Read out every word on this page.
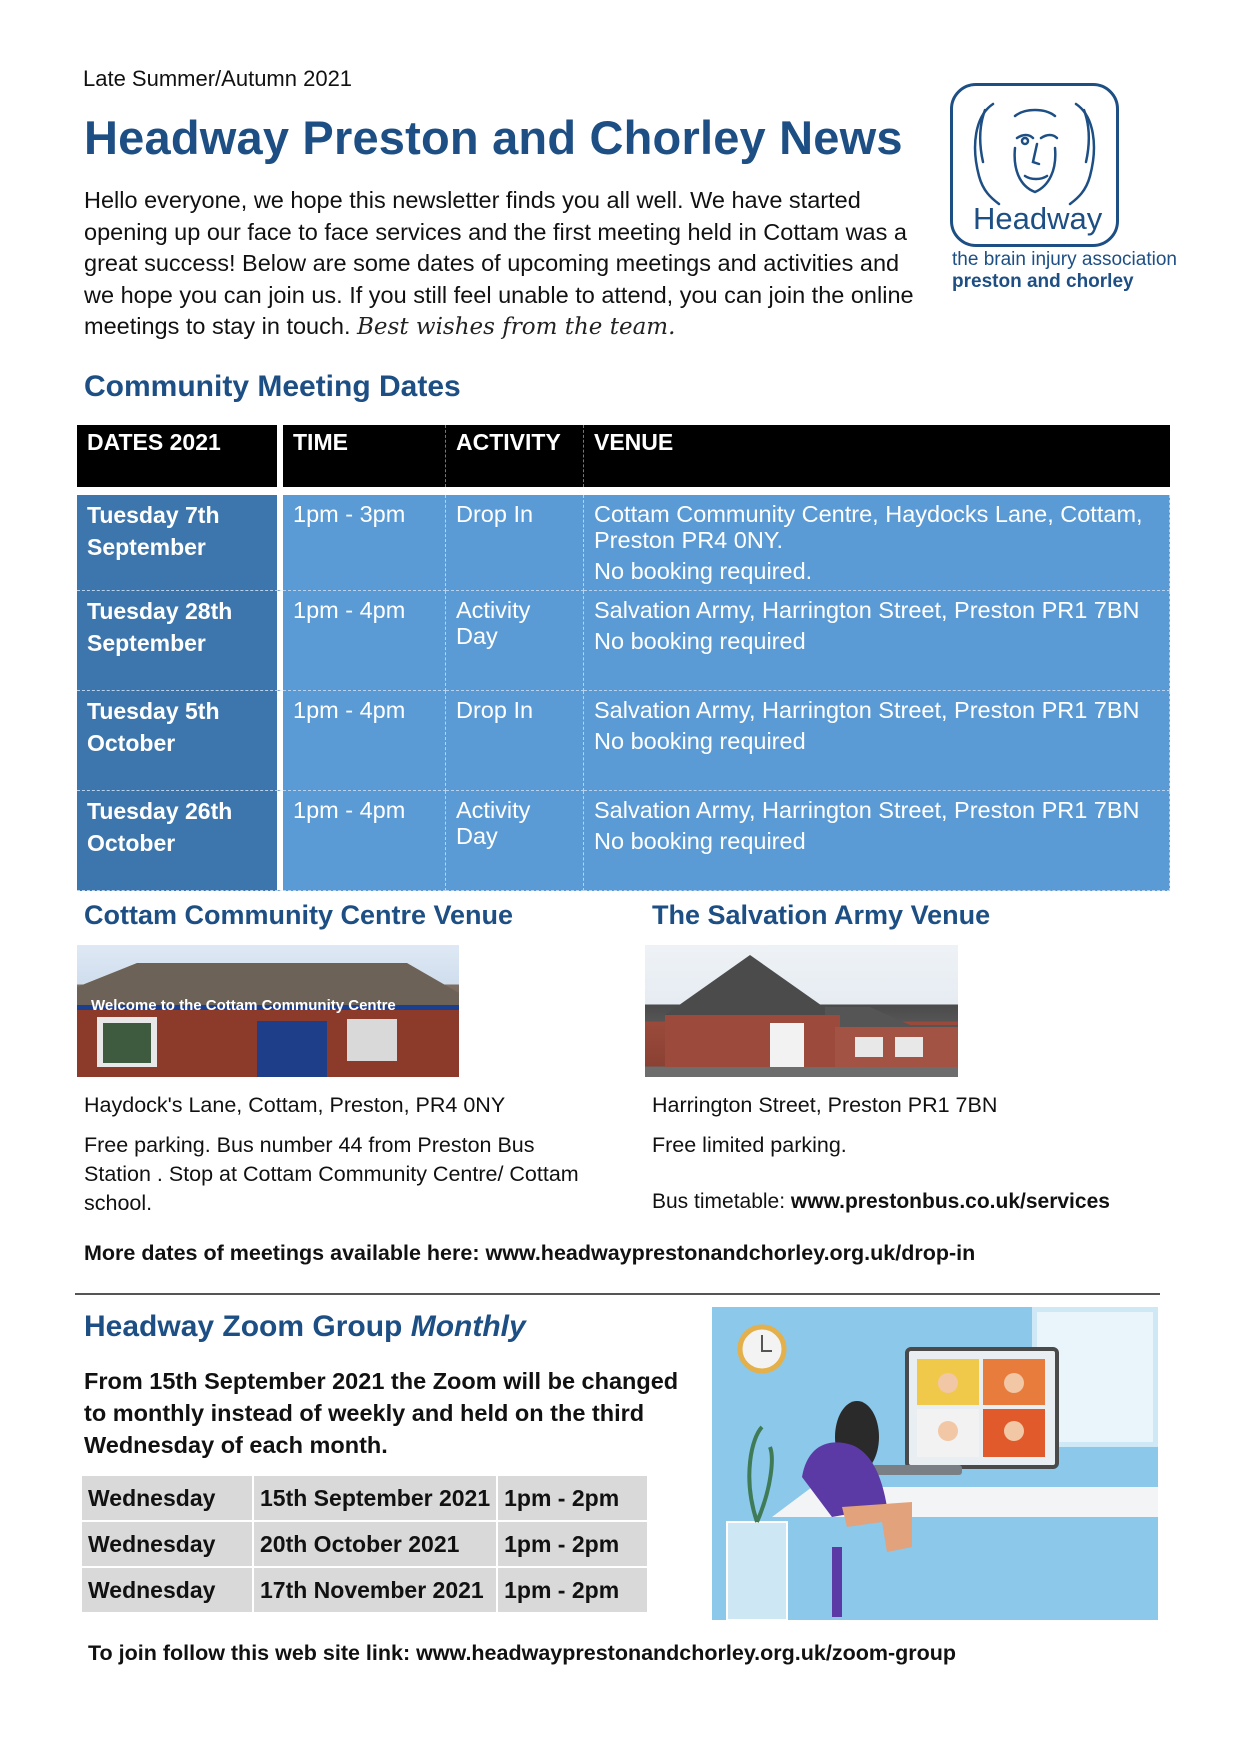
Late Summer/Autumn 2021
Headway Preston and Chorley News

Hello everyone, we hope this newsletter finds you all well. We have started opening up our face to face services and the first meeting held in Cottam was a great success! Below are some dates of upcoming meetings and activities and we hope you can join us. If you still feel unable to attend, you can join the online meetings to stay in touch. Best wishes from the team.

Headway
the brain injury association
preston and chorley
Community Meeting Dates
DATES 2021	TIME	ACTIVITY	VENUE

Tuesday 7th September	1pm - 3pm	Drop In	Cottam Community Centre, Haydocks Lane, Cottam, Preston PR4 0NY.
No booking required.

Tuesday 28th September	1pm - 4pm	Activity Day	Salvation Army, Harrington Street, Preston PR1 7BN
No booking required

Tuesday 5th October	1pm - 4pm	Drop In	Salvation Army, Harrington Street, Preston PR1 7BN
No booking required

Tuesday 26th October	1pm - 4pm	Activity Day	Salvation Army, Harrington Street, Preston PR1 7BN
No booking required
Cottam Community Centre Venue	The Salvation Army Venue
Welcome to the Cottam Community Centre

Haydock's Lane, Cottam, Preston, PR4 0NY

Free parking. Bus number 44 from Preston Bus Station . Stop at Cottam Community Centre/ Cottam school.

Harrington Street, Preston PR1 7BN

Free limited parking.

Bus timetable: www.prestonbus.co.uk/services

More dates of meetings available here: www.headwayprestonandchorley.org.uk/drop-in

Headway Zoom Group Monthly

From 15th September 2021 the Zoom will be changed to monthly instead of weekly and held on the third Wednesday of each month.

Wednesday	15th September 2021	1pm - 2pm
Wednesday	20th October 2021	1pm - 2pm
Wednesday	17th November 2021	1pm - 2pm

To join follow this web site link: www.headwayprestonandchorley.org.uk/zoom-group
